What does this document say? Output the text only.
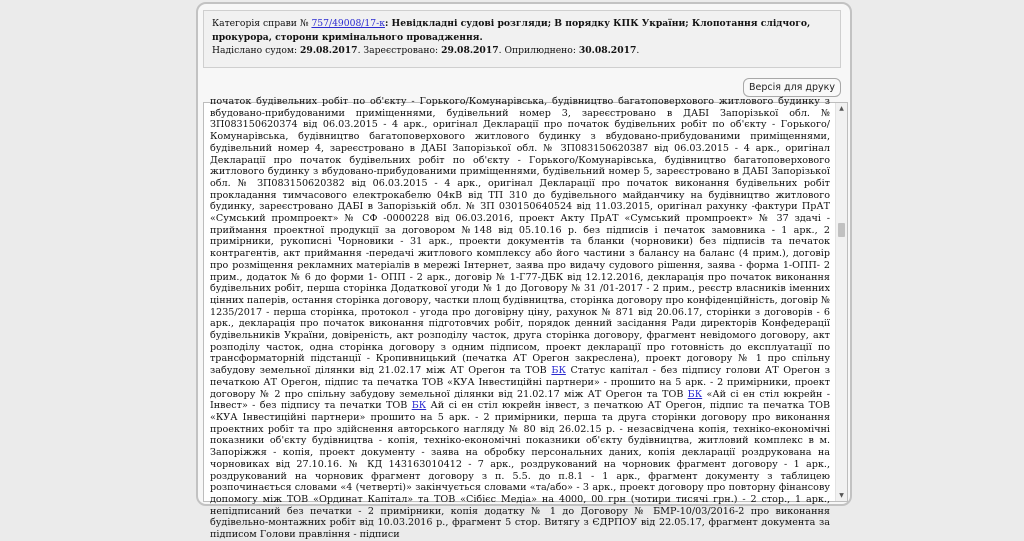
Категорія справи № 757/49008/17-к: Невідкладні судові розгляди; В порядку КПК України; Клопотання слідчого, прокурора, сторони кримінального провадження.
Надіслано судом: 29.08.2017. Зареєстровано: 29.08.2017. Оприлюднено: 30.08.2017.
Версія для друку
початок будівельних робіт по об'єкту - Горького/Комунарівська, будівництво багатоповерхового житлового будинку з вбудовано-прибудованими приміщеннями, будівельний номер 3, зареєстровано в ДАБІ Запорізької обл. № ЗП083150620374 від 06.03.2015 - 4 арк., оригінал Декларації про початок будівельних робіт по об'єкту - Горького/Комунарівська, будівництво багатоповерхового житлового будинку з вбудовано-прибудованими приміщеннями, будівельний номер 4, зареєстровано в ДАБІ Запорізької обл. № ЗП083150620387 від 06.03.2015 - 4 арк., оригінал Декларації про початок будівельних робіт по об'єкту - Горького/Комунарівська, будівництво багатоповерхового житлового будинку з вбудовано-прибудованими приміщеннями, будівельний номер 5, зареєстровано в ДАБІ Запорізької обл. № ЗП083150620382 від 06.03.2015 - 4 арк., оригінал Декларації про початок виконання будівельних робіт прокладання тимчасового електрокабелю 04кВ від ТП 310 до будівельного майданчику на будівництво житлового будинку, зареєстровано ДАБІ в Запорізькій обл. № ЗП 030150640524 від 11.03.2015, оригінал рахунку -фактури ПрАТ «Сумський промпроект» № СФ -0000228 від 06.03.2016, проект Акту ПрАТ «Сумський промпроект» № 37 здачі - приймання проектної продукції за договором №148 від 05.10.16 р. без підписів і печаток замовника - 1 арк., 2 примірники, рукописні Чорновики - 31 арк., проекти документів та бланки (чорновики) без підписів та печаток контрагентів, акт приймання -передачі житлового комплексу або його частини з балансу на баланс (4 прим.), договір про розміщення рекламних матеріалів в мережі Інтернет, заява про видачу судового рішення, заява - форма 1-ОПП- 2 прим., додаток № 6 до форми 1- ОПП - 2 арк., договір № 1-Г77-ДБК від 12.12.2016, декларація про початок виконання будівельних робіт, перша сторінка Додаткової угоди № 1 до Договору № 31 /01-2017 - 2 прим., реєстр власників іменних цінних паперів, остання сторінка договору, частки площ будівництва, сторінка договору про конфіденційність, договір № 1235/2017 - перша сторінка, протокол - угода про договірну ціну, рахунок № 871 від 20.06.17, сторінки з договорів - 6 арк., декларація про початок виконання підготовчих робіт, порядок денний засідання Ради директорів Конфедерації будівельників України, довіреність, акт розподілу часток, друга сторінка договору, фрагмент невідомого договору, акт розподілу часток, одна сторінка договору з одним підписом, проект декларації про готовність до експлуатації по трансформаторній підстанції - Кропивницький (печатка АТ Орегон закреслена), проект договору № 1 про спільну забудову земельної ділянки від 21.02.17 між АТ Орегон та ТОВ БК Статус капітал - без підпису голови АТ Орегон з печаткою АТ Орегон, підпис та печатка ТОВ «КУА Інвестиційні партнери» - прошито на 5 арк. - 2 примірники, проект договору № 2 про спільну забудову земельної ділянки від 21.02.17 між АТ Орегон та ТОВ БК «Ай сі ен стіл юкрейн - Інвест» - без підпису та печатки ТОВ БК Ай сі ен стіл юкрейн інвест, з печаткою АТ Орегон, підпис та печатка ТОВ «КУА Інвестиційні партнери» прошито на 5 арк. - 2 примірники, перша та друга сторінки договору про виконання проектних робіт та про здійснення авторського нагляду № 80 від 26.02.15 р. - незасвідчена копія, техніко-економічні показники об'єкту будівництва - копія, техніко-економічні показники об'єкту будівництва, житловий комплекс в м. Запоріжжя - копія, проект документу - заява на обробку персональних даних, копія декларації роздрукована на чорновиках від 27.10.16. № КД 143163010412 - 7 арк., роздрукований на чорновик фрагмент договору - 1 арк., роздрукований на чорновик фрагмент договору з п. 5.5. до п.8.1 - 1 арк., фрагмент документу з таблицею розпочинається словами «4 (четверті)» закінчується словами «та/або» - 3 арк., проект договору про повторну фінансову допомогу між ТОВ «Ординат Капітал» та ТОВ «Сібієс Медіа» на 4000, 00 грн (чотири тисячі грн.) - 2 стор., 1 арк., непідписаний без печатки - 2 примірники, копія додатку № 1 до Договору № БМР-10/03/2016-2 про виконання будівельно-монтажних робіт від 10.03.2016 р., фрагмент 5 стор. Витягу з ЄДРПОУ від 22.05.17, фрагмент документа за підписом Голови правління - підписи
▲
▼
